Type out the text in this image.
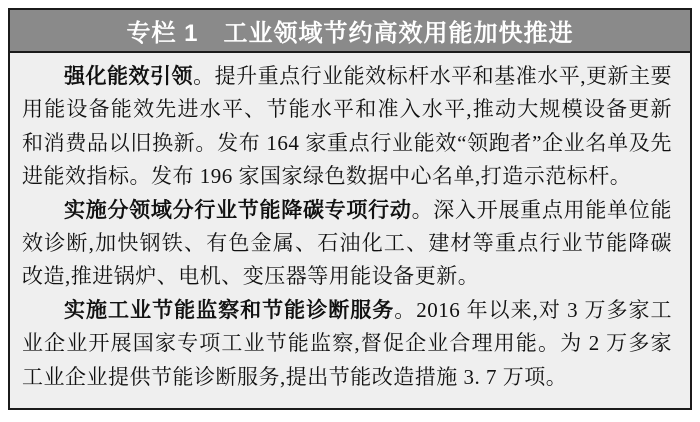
专栏 1　工业领域节约高效用能加快推进

强化能效引领。提升重点行业能效标杆水平和基准水平,更新主要用能设备能效先进水平、节能水平和准入水平,推动大规模设备更新和消费品以旧换新。发布 164 家重点行业能效“领跑者”企业名单及先进能效指标。发布 196 家国家绿色数据中心名单,打造示范标杆。

实施分领域分行业节能降碳专项行动。深入开展重点用能单位能效诊断,加快钢铁、有色金属、石油化工、建材等重点行业节能降碳改造,推进锅炉、电机、变压器等用能设备更新。

实施工业节能监察和节能诊断服务。2016 年以来,对 3 万多家工业企业开展国家专项工业节能监察,督促企业合理用能。为 2 万多家工业企业提供节能诊断服务,提出节能改造措施 3. 7 万项。
